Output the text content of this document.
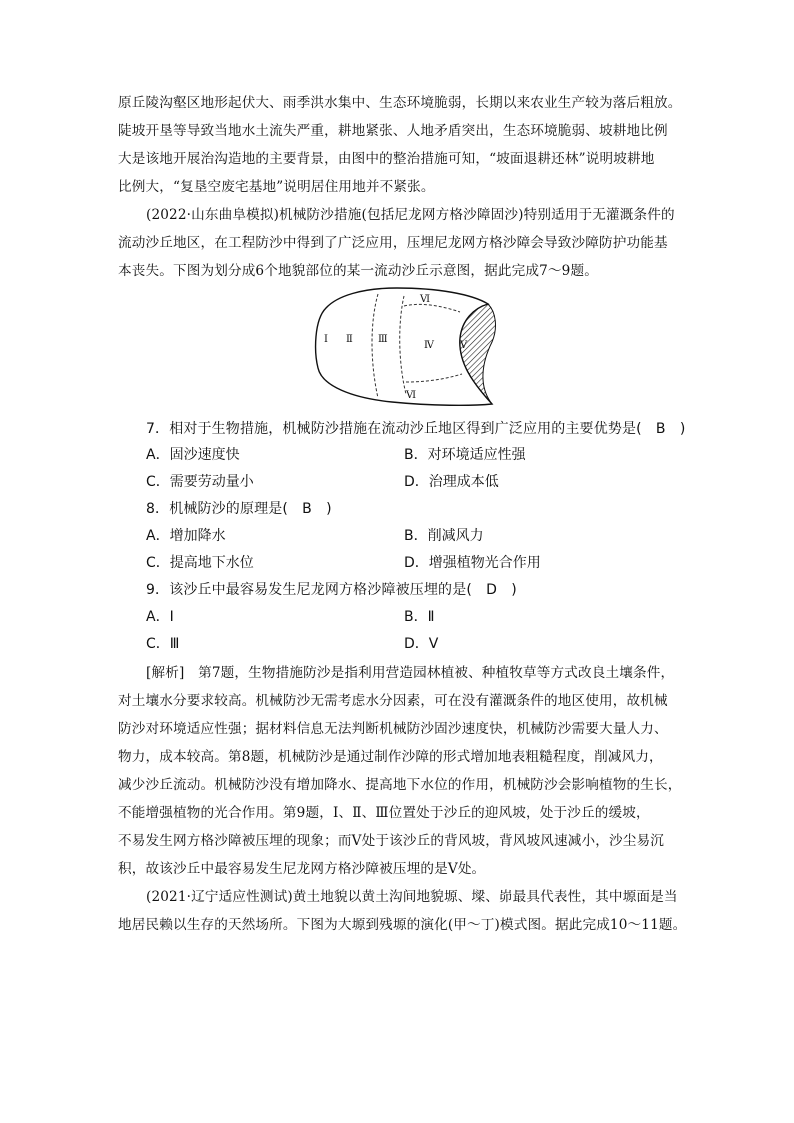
原丘陵沟壑区地形起伏大、雨季洪水集中、生态环境脆弱，长期以来农业生产较为落后粗放。
陡坡开垦等导致当地水土流失严重，耕地紧张、人地矛盾突出，生态环境脆弱、坡耕地比例
大是该地开展治沟造地的主要背景，由图中的整治措施可知，“坡面退耕还林”说明坡耕地
比例大，“复垦空废宅基地”说明居住用地并不紧张。
(2022·山东曲阜模拟)机械防沙措施(包括尼龙网方格沙障固沙)特别适用于无灌溉条件的
流动沙丘地区，在工程防沙中得到了广泛应用，压埋尼龙网方格沙障会导致沙障防护功能基
本丧失。下图为划分成6个地貌部位的某一流动沙丘示意图，据此完成7～9题。
Ⅰ Ⅱ	Ⅲ
Ⅳ	Ⅴ
Ⅵ
Ⅵ
7．相对于生物措施，机械防沙措施在流动沙丘地区得到广泛应用的主要优势是(　B　)
A．固沙速度快	B．对环境适应性强
C．需要劳动量小	D．治理成本低
8．机械防沙的原理是(　B　)
A．增加降水	B．削减风力
C．提高地下水位	D．增强植物光合作用
9．该沙丘中最容易发生尼龙网方格沙障被压埋的是(　D　)
A．Ⅰ	B．Ⅱ
C．Ⅲ	D．Ⅴ
[解析]　第7题，生物措施防沙是指利用营造园林植被、种植牧草等方式改良土壤条件，
对土壤水分要求较高。机械防沙无需考虑水分因素，可在没有灌溉条件的地区使用，故机械
防沙对环境适应性强；据材料信息无法判断机械防沙固沙速度快，机械防沙需要大量人力、
物力，成本较高。第8题，机械防沙是通过制作沙障的形式增加地表粗糙程度，削减风力，
减少沙丘流动。机械防沙没有增加降水、提高地下水位的作用，机械防沙会影响植物的生长，
不能增强植物的光合作用。第9题，Ⅰ、Ⅱ、Ⅲ位置处于沙丘的迎风坡，处于沙丘的缓坡，
不易发生网方格沙障被压埋的现象；而Ⅴ处于该沙丘的背风坡，背风坡风速减小，沙尘易沉
积，故该沙丘中最容易发生尼龙网方格沙障被压埋的是Ⅴ处。
(2021·辽宁适应性测试)黄土地貌以黄土沟间地貌塬、墚、峁最具代表性，其中塬面是当
地居民赖以生存的天然场所。下图为大塬到残塬的演化(甲～丁)模式图。据此完成10～11题。
